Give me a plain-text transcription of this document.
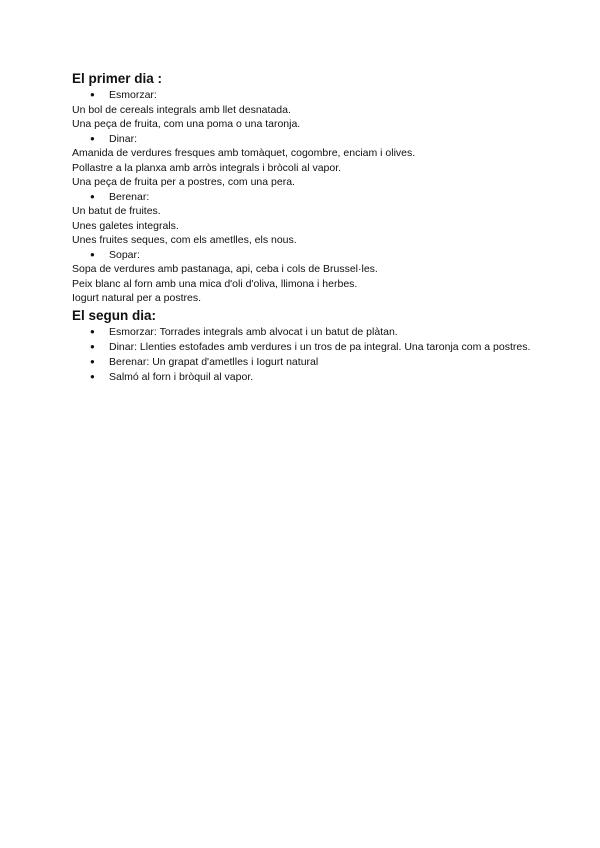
El primer dia :
● Esmorzar:
Un bol de cereals integrals amb llet desnatada.
Una peça de fruita, com una poma o una taronja.
● Dinar:
Amanida de verdures fresques amb tomàquet, cogombre, enciam i olives.
Pollastre a la planxa amb arròs integrals i bròcoli al vapor.
Una peça de fruita per a postres, com una pera.
● Berenar:
Un batut de fruites.
Unes galetes integrals.
Unes fruites seques, com els ametlles, els nous.
● Sopar:
Sopa de verdures amb pastanaga, api, ceba i cols de Brussel·les.
Peix blanc al forn amb una mica d'oli d'oliva, llimona i herbes.
Iogurt natural per a postres.
El segun dia:
● Esmorzar: Torrades integrals amb alvocat i un batut de plàtan.
● Dinar: Llenties estofades amb verdures i un tros de pa integral. Una taronja com a postres.
● Berenar: Un grapat d'ametlles i Iogurt natural
● Salmó al forn i bròquil al vapor.
